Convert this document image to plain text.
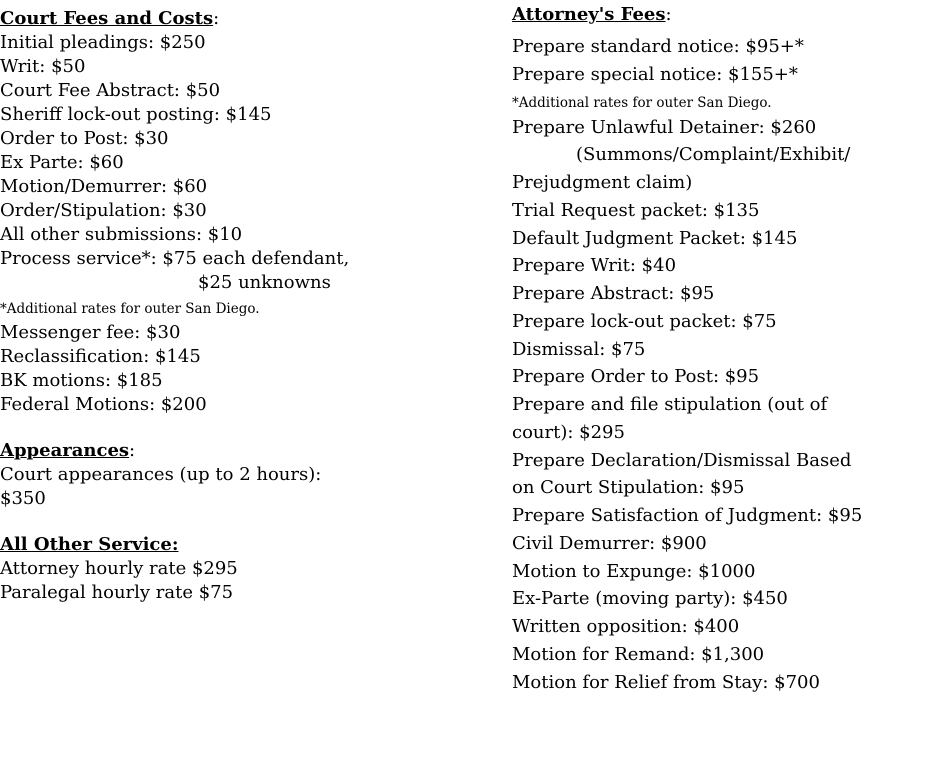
Court Fees and Costs:
Initial pleadings: $250
Writ: $50
Court Fee Abstract: $50
Sheriff lock-out posting: $145
Order to Post: $30
Ex Parte: $60
Motion/Demurrer: $60
Order/Stipulation: $30
All other submissions: $10
Process service*: $75 each defendant,
$25 unknowns
*Additional rates for outer San Diego.
Messenger fee: $30
Reclassification: $145
BK motions: $185
Federal Motions: $200
Appearances:
Court appearances (up to 2 hours):
$350
All Other Service:
Attorney hourly rate $295
Paralegal hourly rate $75
Attorney's Fees:
Prepare standard notice: $95+*
Prepare special notice: $155+*
*Additional rates for outer San Diego.
Prepare Unlawful Detainer: $260
(Summons/Complaint/Exhibit/
Prejudgment claim)
Trial Request packet: $135
Default Judgment Packet: $145
Prepare Writ: $40
Prepare Abstract: $95
Prepare lock-out packet: $75
Dismissal: $75
Prepare Order to Post: $95
Prepare and file stipulation (out of
court): $295
Prepare Declaration/Dismissal Based
on Court Stipulation: $95
Prepare Satisfaction of Judgment: $95
Civil Demurrer: $900
Motion to Expunge: $1000
Ex-Parte (moving party): $450
Written opposition: $400
Motion for Remand: $1,300
Motion for Relief from Stay: $700
